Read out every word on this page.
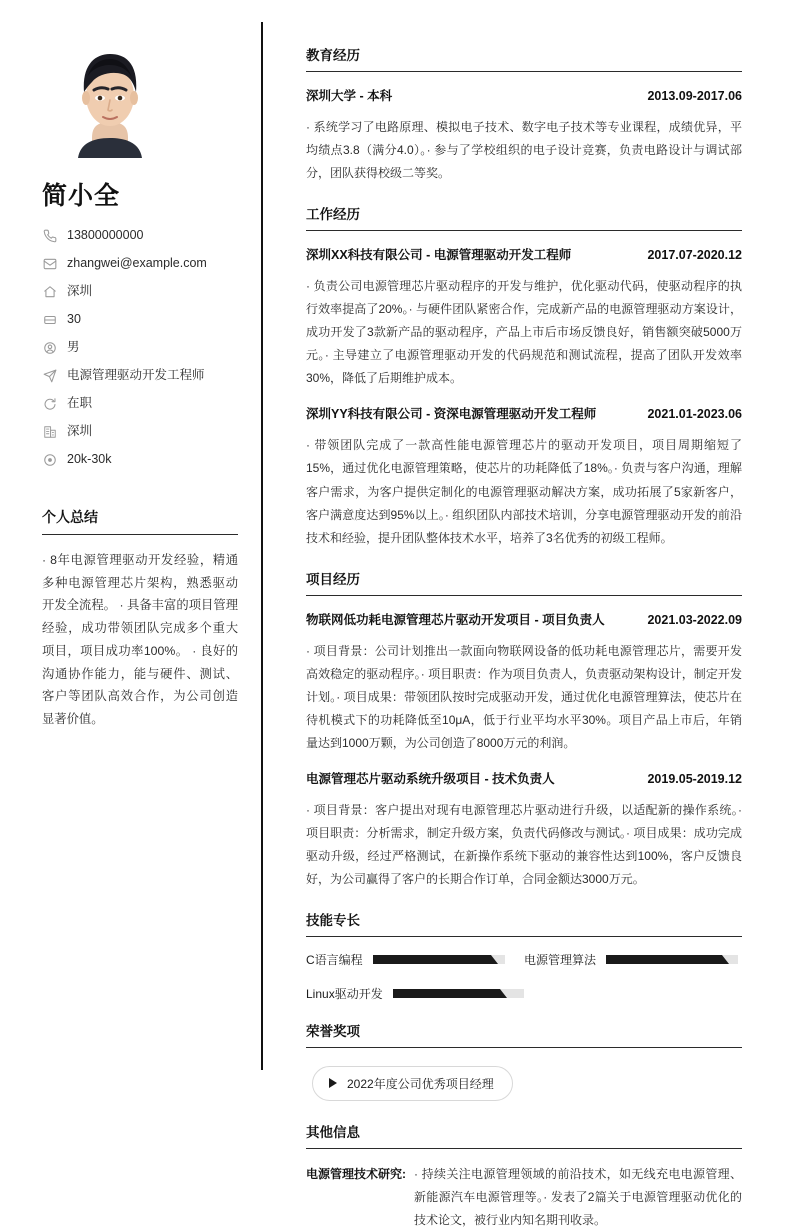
简小全
13800000000
zhangwei@example.com
深圳
30
男
电源管理驱动开发工程师
在职
深圳
20k-30k
个人总结

· 8年电源管理驱动开发经验，精通多种电源管理芯片架构，熟悉驱动开发全流程。 · 具备丰富的项目管理经验，成功带领团队完成多个重大项目，项目成功率100%。 · 良好的沟通协作能力，能与硬件、测试、客户等团队高效合作，为公司创造显著价值。

教育经历
深圳大学 - 本科	2013.09-2017.06

· 系统学习了电路原理、模拟电子技术、数字电子技术等专业课程，成绩优异，平均绩点3.8（满分4.0）。· 参与了学校组织的电子设计竞赛，负责电路设计与调试部分，团队获得校级二等奖。

工作经历
深圳XX科技有限公司 - 电源管理驱动开发工程师	2017.07-2020.12

· 负责公司电源管理芯片驱动程序的开发与维护，优化驱动代码，使驱动程序的执行效率提高了20%。· 与硬件团队紧密合作，完成新产品的电源管理驱动方案设计，成功开发了3款新产品的驱动程序，产品上市后市场反馈良好，销售额突破5000万元。· 主导建立了电源管理驱动开发的代码规范和测试流程，提高了团队开发效率30%，降低了后期维护成本。

深圳YY科技有限公司 - 资深电源管理驱动开发工程师	2021.01-2023.06

· 带领团队完成了一款高性能电源管理芯片的驱动开发项目，项目周期缩短了15%，通过优化电源管理策略，使芯片的功耗降低了18%。· 负责与客户沟通，理解客户需求，为客户提供定制化的电源管理驱动解决方案，成功拓展了5家新客户，客户满意度达到95%以上。· 组织团队内部技术培训，分享电源管理驱动开发的前沿技术和经验，提升团队整体技术水平，培养了3名优秀的初级工程师。

项目经历
物联网低功耗电源管理芯片驱动开发项目 - 项目负责人	2021.03-2022.09

· 项目背景：公司计划推出一款面向物联网设备的低功耗电源管理芯片，需要开发高效稳定的驱动程序。· 项目职责：作为项目负责人，负责驱动架构设计，制定开发计划。· 项目成果：带领团队按时完成驱动开发，通过优化电源管理算法，使芯片在待机模式下的功耗降低至10μA，低于行业平均水平30%。项目产品上市后，年销量达到1000万颗，为公司创造了8000万元的利润。

电源管理芯片驱动系统升级项目 - 技术负责人	2019.05-2019.12

· 项目背景：客户提出对现有电源管理芯片驱动进行升级，以适配新的操作系统。· 项目职责：分析需求，制定升级方案，负责代码修改与测试。· 项目成果：成功完成驱动升级，经过严格测试，在新操作系统下驱动的兼容性达到100%，客户反馈良好，为公司赢得了客户的长期合作订单，合同金额达3000万元。

技能专长
C语言编程	电源管理算法
Linux驱动开发
荣誉奖项
2022年度公司优秀项目经理
其他信息
电源管理技术研究: · 持续关注电源管理领域的前沿技术，如无线充电电源管理、新能源汽车电源管理等。· 发表了2篇关于电源管理驱动优化的技术论文，被行业内知名期刊收录。
